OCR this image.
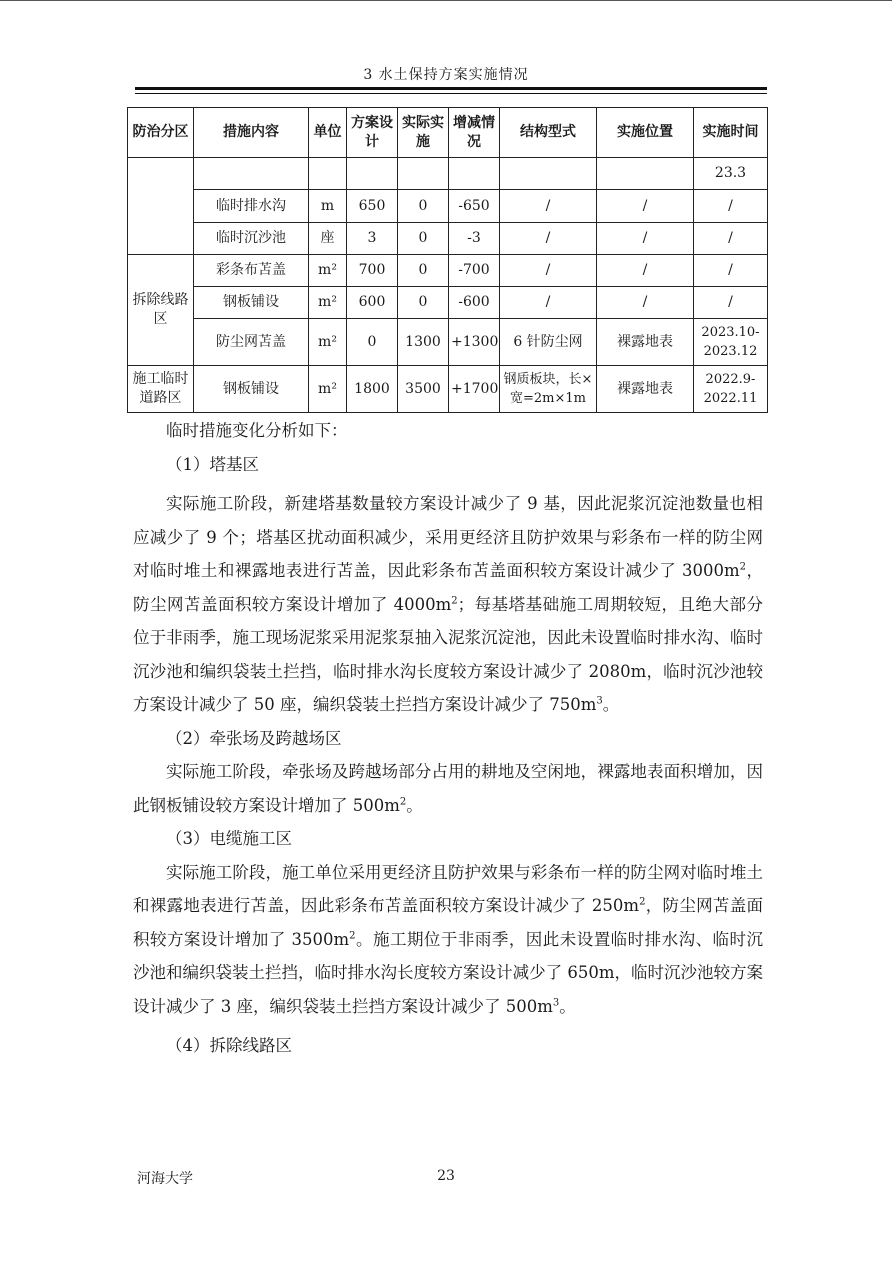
3 水土保持方案实施情况
防治分区	措施内容	单位	方案设计	实际实施	增减情况	结构型式	实施位置	实施时间
								23.3
	临时排水沟	m	650	0	-650	/	/	/
	临时沉沙池	座	3	0	-3	/	/	/
拆除线路区	彩条布苫盖	m²	700	0	-700	/	/	/
	钢板铺设	m²	600	0	-600	/	/	/
	防尘网苫盖	m²	0	1300	+1300	6 针防尘网	裸露地表	2023.10-2023.12
施工临时道路区	钢板铺设	m²	1800	3500	+1700	钢质板块，长×宽=2m×1m	裸露地表	2022.9-2022.11

临时措施变化分析如下：

（1）塔基区

实际施工阶段，新建塔基数量较方案设计减少了 9 基，因此泥浆沉淀池数量也相应减少了 9 个；塔基区扰动面积减少，采用更经济且防护效果与彩条布一样的防尘网对临时堆土和裸露地表进行苫盖，因此彩条布苫盖面积较方案设计减少了 $3000m^2$，防尘网苫盖面积较方案设计增加了 $4000m^2$；每基塔基础施工周期较短，且绝大部分位于非雨季，施工现场泥浆采用泥浆泵抽入泥浆沉淀池，因此未设置临时排水沟、临时沉沙池和编织袋装土拦挡，临时排水沟长度较方案设计减少了 2080m，临时沉沙池较方案设计减少了 50 座，编织袋装土拦挡方案设计减少了 $750m^3$。

（2）牵张场及跨越场区

实际施工阶段，牵张场及跨越场部分占用的耕地及空闲地，裸露地表面积增加，因此钢板铺设较方案设计增加了 $500m^2$。

（3）电缆施工区

实际施工阶段，施工单位采用更经济且防护效果与彩条布一样的防尘网对临时堆土和裸露地表进行苫盖，因此彩条布苫盖面积较方案设计减少了 $250m^2$，防尘网苫盖面积较方案设计增加了 $3500m^2$。施工期位于非雨季，因此未设置临时排水沟、临时沉沙池和编织袋装土拦挡，临时排水沟长度较方案设计减少了 650m，临时沉沙池较方案设计减少了 3 座，编织袋装土拦挡方案设计减少了 $500m^3$。

（4）拆除线路区

河海大学	23
